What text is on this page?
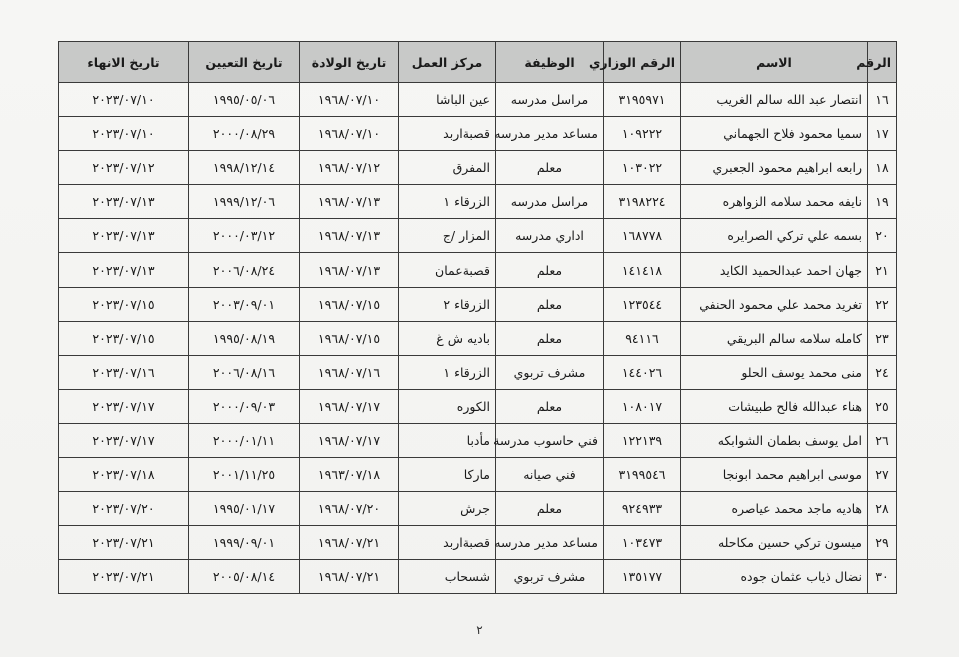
الرقم	الاسم	الرقم الوزاري	الوظيفة	مركز العمل	تاريخ الولادة	تاريخ التعيين	تاريخ الانهاء
١٦	انتصار عبد الله سالم الغريب	٣١٩٥٩٧١	مراسل مدرسه	عين الباشا	١٩٦٨/٠٧/١٠	١٩٩٥/٠٥/٠٦	٢٠٢٣/٠٧/١٠
١٧	سميا محمود فلاح الجهماني	١٠٩٢٢٢	مساعد مدير مدرسه	قصبةاربد	١٩٦٨/٠٧/١٠	٢٠٠٠/٠٨/٢٩	٢٠٢٣/٠٧/١٠
١٨	رابعه ابراهيم محمود الجعبري	١٠٣٠٢٢	معلم	المفرق	١٩٦٨/٠٧/١٢	١٩٩٨/١٢/١٤	٢٠٢٣/٠٧/١٢
١٩	نايفه محمد سلامه الزواهره	٣١٩٨٢٢٤	مراسل مدرسه	الزرقاء ١	١٩٦٨/٠٧/١٣	١٩٩٩/١٢/٠٦	٢٠٢٣/٠٧/١٣
٢٠	بسمه علي تركي الصرايره	١٦٨٧٧٨	اداري مدرسه	المزار /ج	١٩٦٨/٠٧/١٣	٢٠٠٠/٠٣/١٢	٢٠٢٣/٠٧/١٣
٢١	جهان احمد عبدالحميد الكايد	١٤١٤١٨	معلم	قصبةعمان	١٩٦٨/٠٧/١٣	٢٠٠٦/٠٨/٢٤	٢٠٢٣/٠٧/١٣
٢٢	تغريد محمد علي محمود الحنفي	١٢٣٥٤٤	معلم	الزرقاء ٢	١٩٦٨/٠٧/١٥	٢٠٠٣/٠٩/٠١	٢٠٢٣/٠٧/١٥
٢٣	كامله سلامه سالم البريقي	٩٤١١٦	معلم	باديه ش غ	١٩٦٨/٠٧/١٥	١٩٩٥/٠٨/١٩	٢٠٢٣/٠٧/١٥
٢٤	منى محمد يوسف الحلو	١٤٤٠٢٦	مشرف تربوي	الزرقاء ١	١٩٦٨/٠٧/١٦	٢٠٠٦/٠٨/١٦	٢٠٢٣/٠٧/١٦
٢٥	هناء عبدالله فالح طبيشات	١٠٨٠١٧	معلم	الكوره	١٩٦٨/٠٧/١٧	٢٠٠٠/٠٩/٠٣	٢٠٢٣/٠٧/١٧
٢٦	امل يوسف بطمان الشوابكه	١٢٢١٣٩	فني حاسوب مدرسة	مأدبا	١٩٦٨/٠٧/١٧	٢٠٠٠/٠١/١١	٢٠٢٣/٠٧/١٧
٢٧	موسى ابراهيم محمد ابونجا	٣١٩٩٥٤٦	فني صيانه	ماركا	١٩٦٣/٠٧/١٨	٢٠٠١/١١/٢٥	٢٠٢٣/٠٧/١٨
٢٨	هاديه ماجد محمد عياصره	٩٢٤٩٣٣	معلم	جرش	١٩٦٨/٠٧/٢٠	١٩٩٥/٠١/١٧	٢٠٢٣/٠٧/٢٠
٢٩	ميسون تركي حسين مكاحله	١٠٣٤٧٣	مساعد مدير مدرسه	قصبةاربد	١٩٦٨/٠٧/٢١	١٩٩٩/٠٩/٠١	٢٠٢٣/٠٧/٢١
٣٠	نضال ذياب عثمان جوده	١٣٥١٧٧	مشرف تربوي	شسحاب	١٩٦٨/٠٧/٢١	٢٠٠٥/٠٨/١٤	٢٠٢٣/٠٧/٢١
٢
